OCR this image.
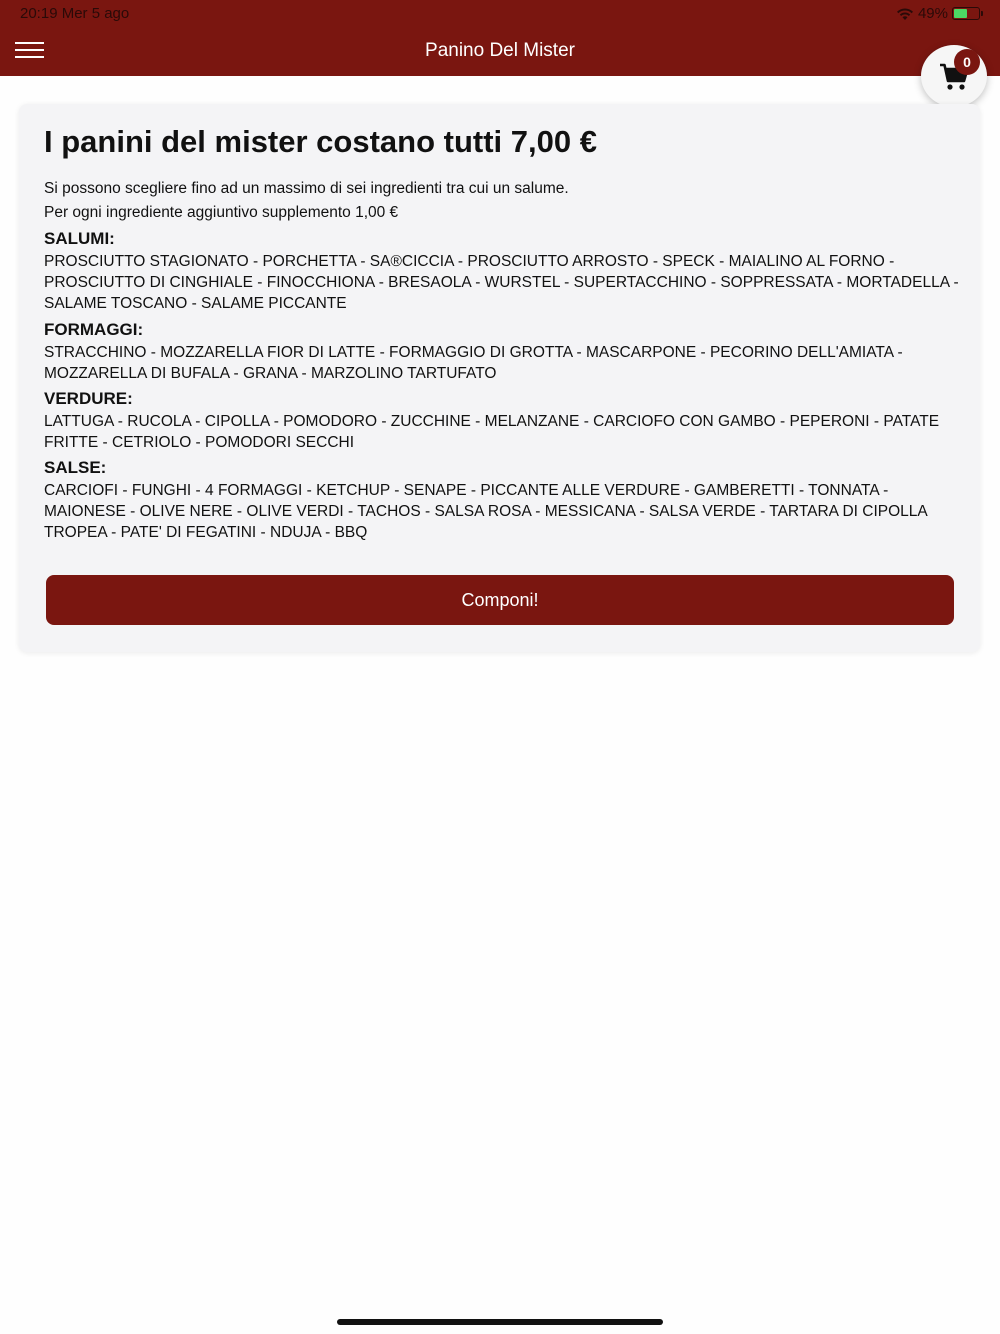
20:19 Mer 5 ago	49%
Panino Del Mister
0
I panini del mister costano tutti 7,00 €
Si possono scegliere fino ad un massimo di sei ingredienti tra cui un salume.
Per ogni ingrediente aggiuntivo supplemento 1,00 €
SALUMI:
PROSCIUTTO STAGIONATO - PORCHETTA - SA®CICCIA - PROSCIUTTO ARROSTO - SPECK - MAIALINO AL FORNO - PROSCIUTTO DI CINGHIALE - FINOCCHIONA - BRESAOLA - WURSTEL - SUPERTACCHINO - SOPPRESSATA - MORTADELLA - SALAME TOSCANO - SALAME PICCANTE
FORMAGGI:
STRACCHINO - MOZZARELLA FIOR DI LATTE - FORMAGGIO DI GROTTA - MASCARPONE - PECORINO DELL'AMIATA - MOZZARELLA DI BUFALA - GRANA - MARZOLINO TARTUFATO
VERDURE:
LATTUGA - RUCOLA - CIPOLLA - POMODORO - ZUCCHINE - MELANZANE - CARCIOFO CON GAMBO - PEPERONI - PATATE FRITTE - CETRIOLO - POMODORI SECCHI
SALSE:
CARCIOFI - FUNGHI - 4 FORMAGGI - KETCHUP - SENAPE - PICCANTE ALLE VERDURE - GAMBERETTI - TONNATA - MAIONESE - OLIVE NERE - OLIVE VERDI - TACHOS - SALSA ROSA - MESSICANA - SALSA VERDE - TARTARA DI CIPOLLA TROPEA - PATE' DI FEGATINI - NDUJA - BBQ
Componi!
